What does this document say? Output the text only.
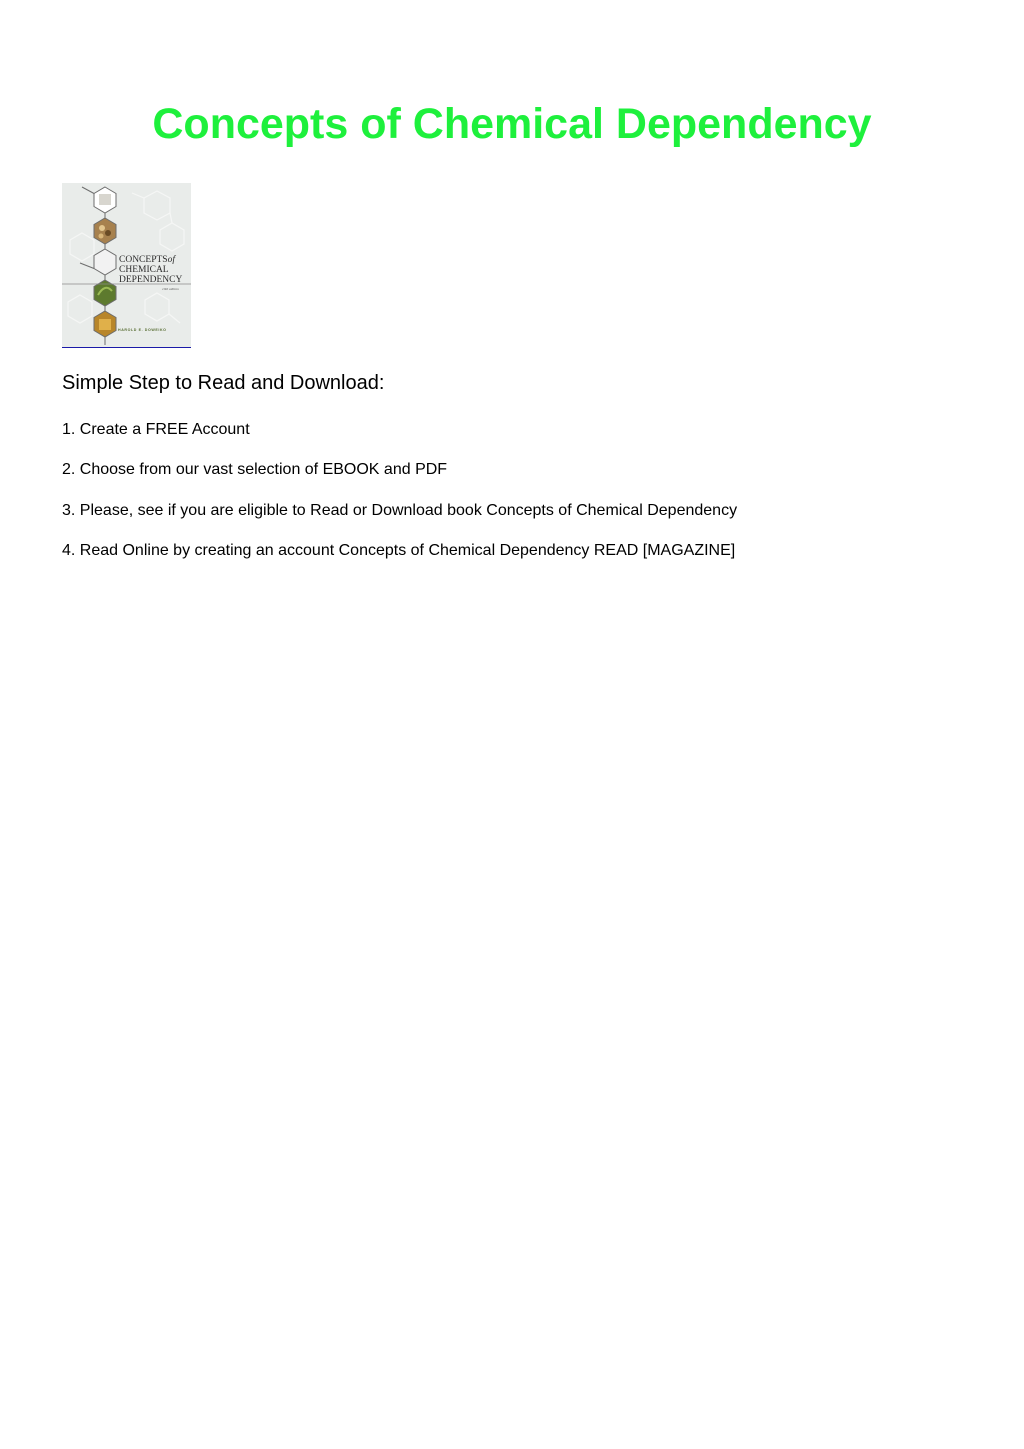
Concepts of Chemical Dependency
CONCEPTSof
CHEMICAL
DEPENDENCY
10th edition
HAROLD E. DOWEIKO
Simple Step to Read and Download:

1. Create a FREE Account

2. Choose from our vast selection of EBOOK and PDF

3. Please, see if you are eligible to Read or Download book Concepts of Chemical Dependency

4. Read Online by creating an account Concepts of Chemical Dependency READ [MAGAZINE]
